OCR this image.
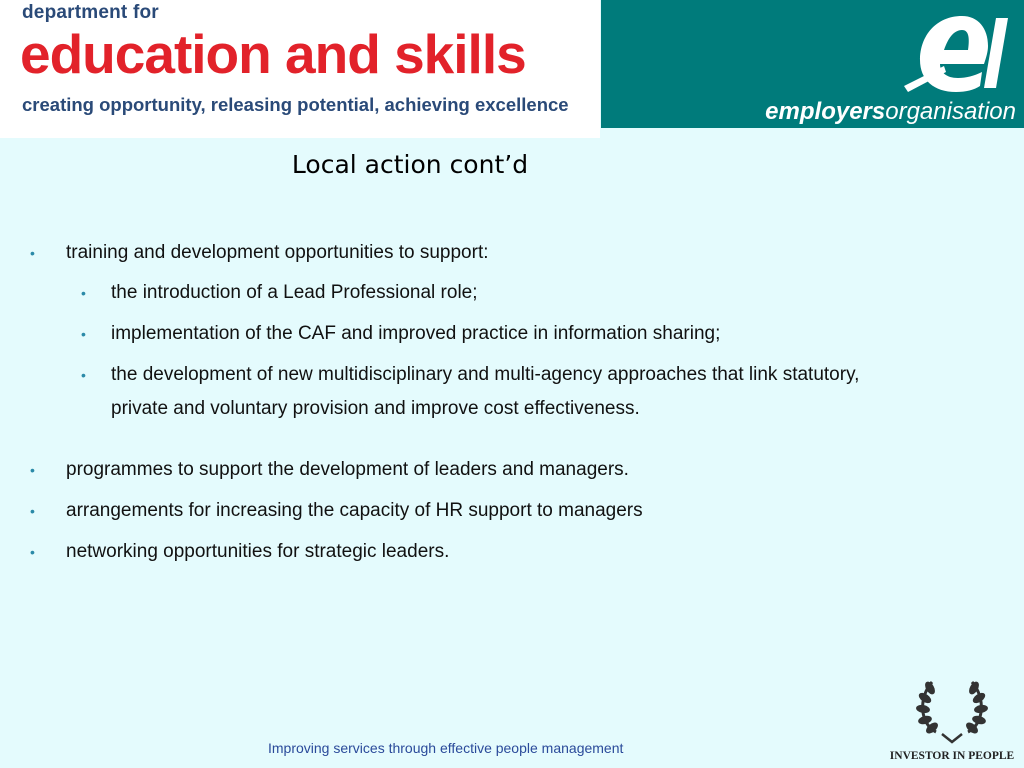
department for
education and skills
creating opportunity, releasing potential, achieving excellence	employersorganisation
Local action cont’d
• training and development opportunities to support:
• the introduction of a Lead Professional role;
• implementation of the CAF and improved practice in information sharing;
• the development of new multidisciplinary and multi-agency approaches that link statutory,
private and voluntary provision and improve cost effectiveness.
• programmes to support the development of leaders and managers.
• arrangements for increasing the capacity of HR support to managers
• networking opportunities for strategic leaders.
Improving services through effective people management	INVESTOR IN PEOPLE
